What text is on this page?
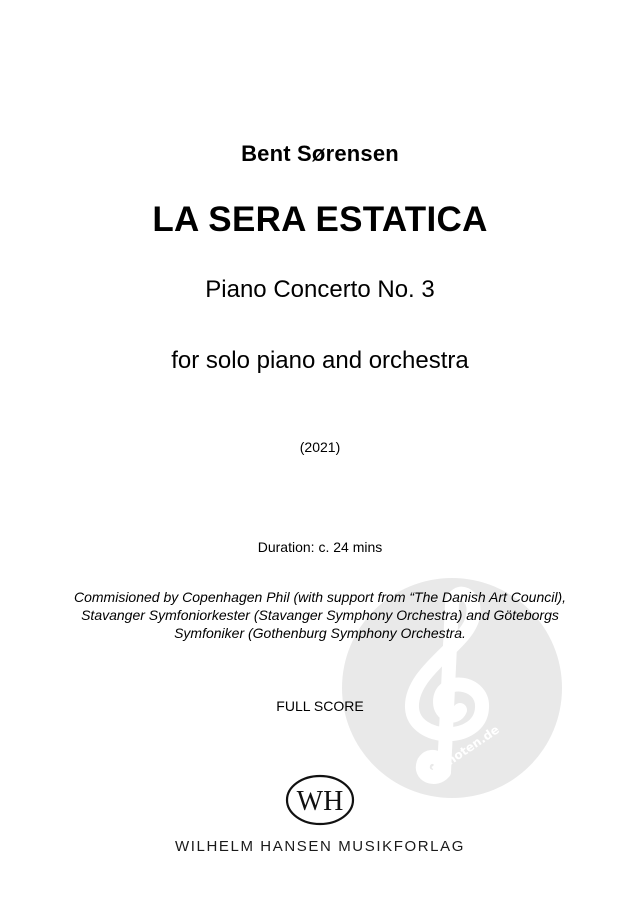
alle-noten.de
Bent Sørensen
LA SERA ESTATICA
Piano Concerto No. 3
for solo piano and orchestra
(2021)
Duration: c. 24 mins
Commisioned by Copenhagen Phil (with support from “The Danish Art Council),
Stavanger Symfoniorkester (Stavanger Symphony Orchestra) and Göteborgs
Symfoniker (Gothenburg Symphony Orchestra.
FULL SCORE
WH
WILHELM HANSEN MUSIKFORLAG
